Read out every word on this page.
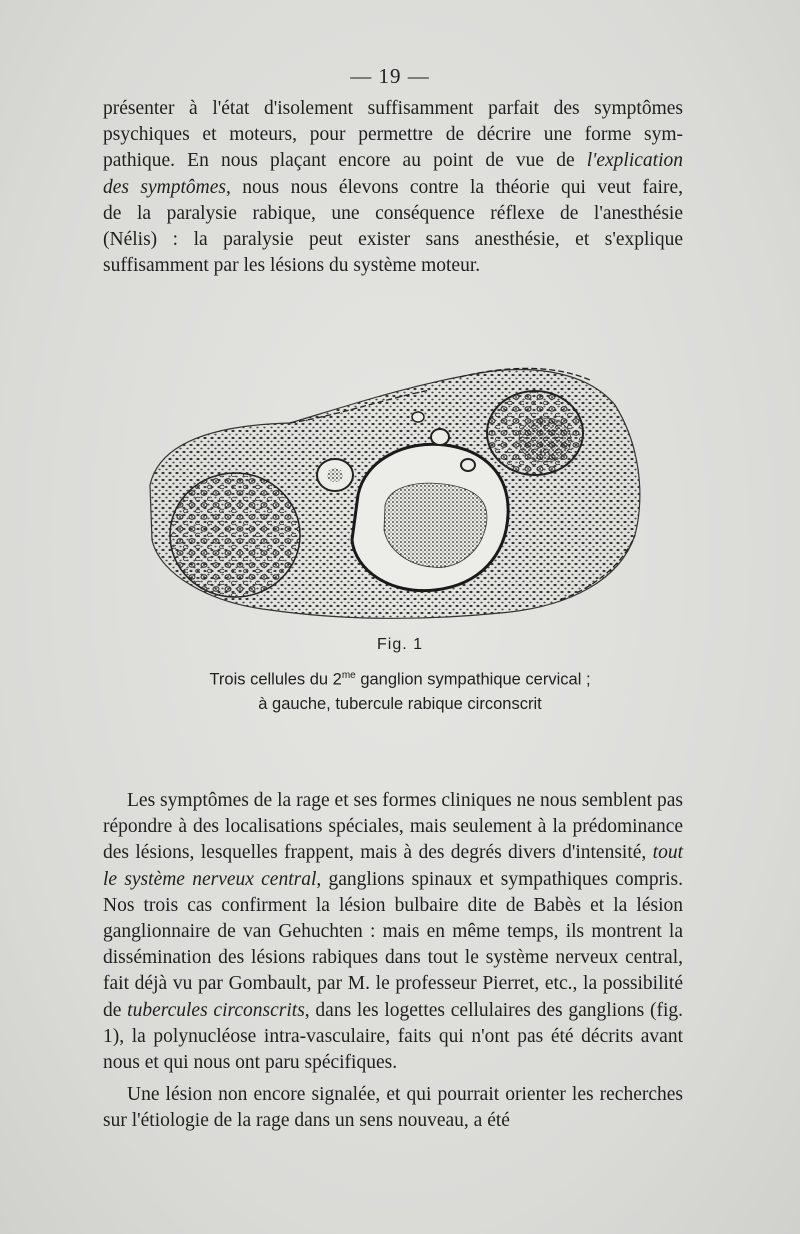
— 19 —
présenter à l'état d'isolement suffisamment parfait des symptômes
psychiques et moteurs, pour permettre de décrire une forme sym-
pathique. En nous plaçant encore au point de vue de l'explication
des symptômes, nous nous élevons contre la théorie qui veut faire,
de la paralysie rabique, une conséquence réflexe de l'anesthésie
(Nélis) : la paralysie peut exister sans anesthésie, et s'explique
suffisamment par les lésions du système moteur.
Fig. 1
Trois cellules du $2^{me}$ ganglion sympathique cervical ;
à gauche, tubercule rabique circonscrit

Les symptômes de la rage et ses formes cliniques ne nous semblent pas répondre à des localisations spéciales, mais seulement à la prédominance des lésions, lesquelles frappent, mais à des degrés divers d'intensité, tout le système nerveux central, ganglions spinaux et sympathiques compris. Nos trois cas confirment la lésion bulbaire dite de Babès et la lésion ganglionnaire de van Gehuchten : mais en même temps, ils montrent la dissémination des lésions rabiques dans tout le système nerveux central, fait déjà vu par Gombault, par M. le professeur Pierret, etc., la possibilité de tubercules circonscrits, dans les logettes cellulaires des ganglions (fig. 1), la polynucléose intra-vasculaire, faits qui n'ont pas été décrits avant nous et qui nous ont paru spécifiques.

Une lésion non encore signalée, et qui pourrait orienter les recherches sur l'étiologie de la rage dans un sens nouveau, a été
